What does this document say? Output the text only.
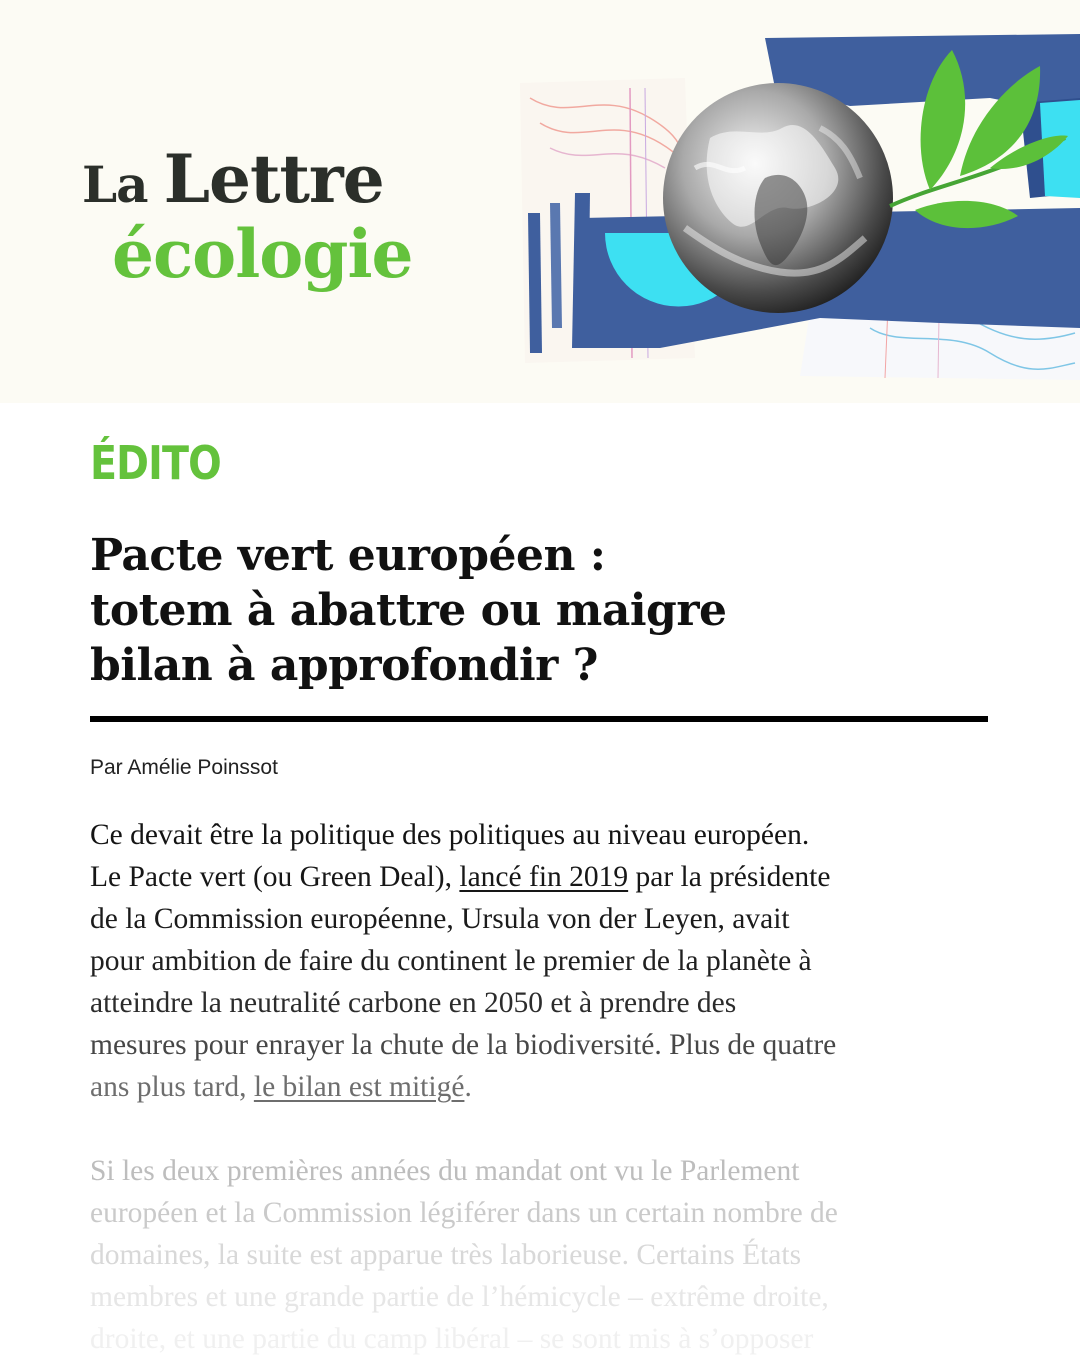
La Lettre
écologie
ÉDITO
Pacte vert européen :
totem à abattre ou maigre
bilan à approfondir ?
Par Amélie Poinssot

Ce devait être la politique des politiques au niveau européen.
Le Pacte vert (ou Green Deal), lancé fin 2019 par la présidente
de la Commission européenne, Ursula von der Leyen, avait
pour ambition de faire du continent le premier de la planète à
atteindre la neutralité carbone en 2050 et à prendre des
mesures pour enrayer la chute de la biodiversité. Plus de quatre
ans plus tard, le bilan est mitigé.

Si les deux premières années du mandat ont vu le Parlement
européen et la Commission légiférer dans un certain nombre de
domaines, la suite est apparue très laborieuse. Certains États
membres et une grande partie de l’hémicycle – extrême droite,
droite, et une partie du camp libéral – se sont mis à s’opposer
